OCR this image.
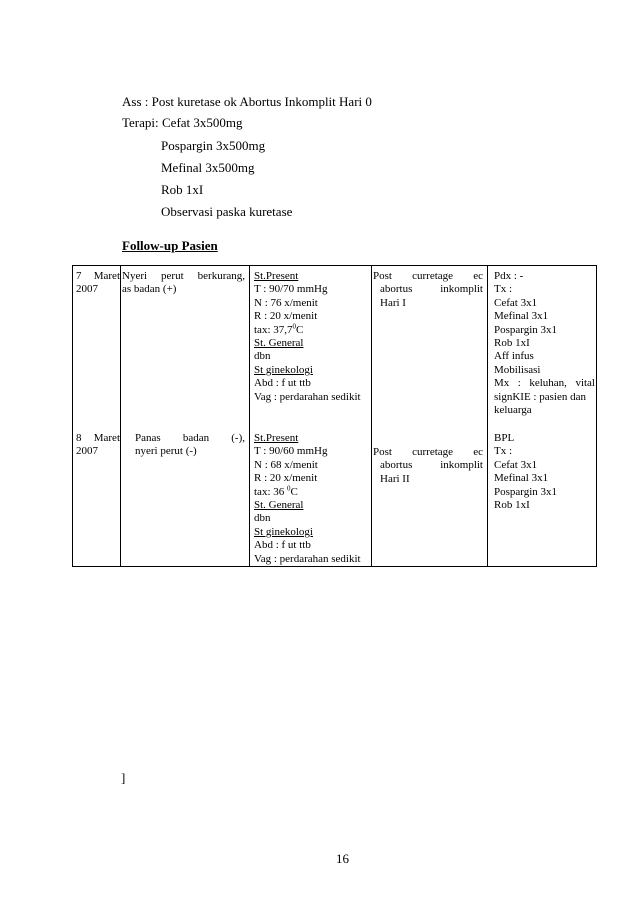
Ass : Post kuretase ok Abortus Inkomplit Hari 0
Terapi: Cefat 3x500mg
Pospargin 3x500mg
Mefinal 3x500mg
Rob 1xI
Observasi paska kuretase
Follow-up Pasien
7 Maret
2007
Nyeri perut berkurang,
as badan (+)
St.Present
T : 90/70 mmHg
N : 76 x/menit
R : 20 x/menit
tax: 37,7$^0$C
St. General
dbn
St ginekologi
Abd : f ut ttb
Vag : perdarahan sedikit
Post curretage ec
abortus inkomplit
Hari I
Pdx : -
Tx :
Cefat 3x1
Mefinal 3x1
Pospargin 3x1
Rob 1xI
Aff infus
Mobilisasi
Mx : keluhan, vital
signKIE : pasien dan
keluarga
8 Maret
2007
Panas badan (-),
nyeri perut (-)
St.Present
T : 90/60 mmHg
N : 68 x/menit
R : 20 x/menit
tax: 36 $^0$C
St. General
dbn
St ginekologi
Abd : f ut ttb
Vag : perdarahan sedikit
Post curretage ec
abortus inkomplit
Hari II
BPL
Tx :
Cefat 3x1
Mefinal 3x1
Pospargin 3x1
Rob 1xI
]
16
